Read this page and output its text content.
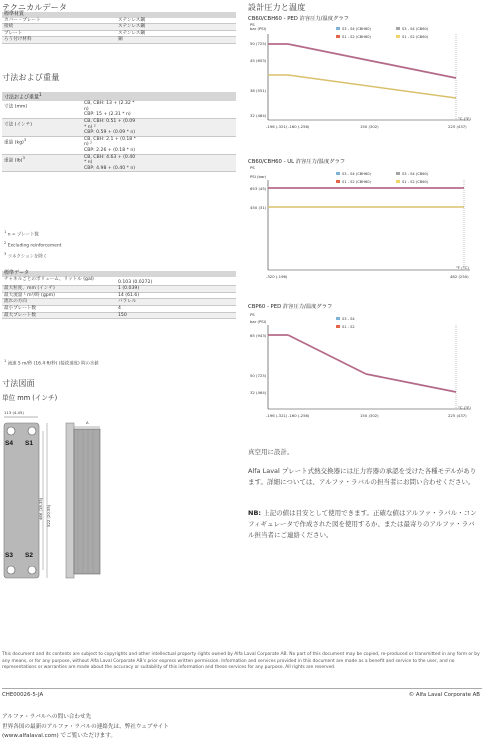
テクニカルデータ
標準材質	
カバー・プレート	ステンレス鋼
接続	ステンレス鋼
プレート	ステンレス鋼
ろう付け材料	銅
寸法および重量
寸法および重量$^1$
寸法 (mm)	CB, CBH: 13 + (2.32 *
n)
CBP: 15 + (2.31 * n)

寸法 (インチ)	CB, CBH: 0.51 + (0.09
* n) ²
CBP: 0.59 + (0.09 * n)

重量 (kg)$^3$	CB, CBH: 2.1 + (0.18 *
n) ²
CBP: 2.26 + (0.18 * n)

重量 (lb)$^3$	CB, CBH: 4.63 + (0.40
* n)
CBP: 4.98 + (0.40 * n)
$^1$ n = プレート数
$^2$ Excluding reinforcement
$^3$ コネクションを除く
標準データ	
チャネルごとのボリューム、リットル (gal)	0.103 (0.0272)
最大粒度、mm (インチ)	1 (0.039)
最大流量 ¹ m³/時 (gpm)	14 (61.6)
流れの方向	パラレル
最小プレート数	4
最大プレート数	150
$^1$ 流速 5 m/秒 (16.4 ft/秒) (接続速度) 時の水値
寸法図面
単位 mm (インチ)
113 (4.45)
S4 S1
S3 S2
466 (18.35) 522 (20.55)
A
設計圧力と温度
CB60/CBH60 - PED 許容圧力/温度グラフ
bar (PSI)
PS
32 (464)
38 (551)
45 (653)
50 (725)
-196 (-321) -160 (-256)	150 (302)	225 (437)
°C (°F)
S3 - S4 (CBH60)	S3 - S4 (CB60)
S1 - S2 (CBH60)	S1 - S2 (CB60)
CB60/CBH60 - UL 許容圧力/温度グラフ
PS
PSI (bar)
653 (45)
450 (31)
-320 (-196)	482 (250)
°F (°C)
S3 - S4 (CBH60)	S3 - S4 (CB60)
S1 - S2 (CBH60)	S1 - S2 (CB60)
CBP60 - PED 許容圧力/温度グラフ
PS
bar (PSI)
65 (943)
50 (725)
32 (464)
-196 (-321) -160 (-256)	150 (302)	225 (437)
°C (°F)
S3 - S4
S1 - S2
真空用に設計。
Alfa Laval プレート式熱交換器には圧力容器の承認を受けた各種モデルがあります。詳細については、アルファ・ラバルの担当者にお問い合わせください。
NB: 上記の値は目安として使用できます。正確な値はアルファ・ラバル・コンフィギュレータで作成された図を使用するか、または最寄りのアルファ・ラバル担当者にご連絡ください。
This document and its contents are subject to copyrights and other intellectual property rights owned by Alfa Laval Corporate AB. No part of this document may be copied, re-produced or transmitted in any form or by any means, or for any purpose, without Alfa Laval Corporate AB's prior express written permission. Information and services provided in this document are made as a benefit and service to the user, and no representations or warranties are made about the accuracy or suitability of this information and these services for any purpose. All rights are reserved.
CHE00026-5-JA	© Alfa Laval Corporate AB
アルファ・ラバルへの問い合わせ先
世界各国の最新のアルファ・ラバルの連絡先は、弊社ウェブサイト
(www.alfalaval.com) でご覧いただけます。
